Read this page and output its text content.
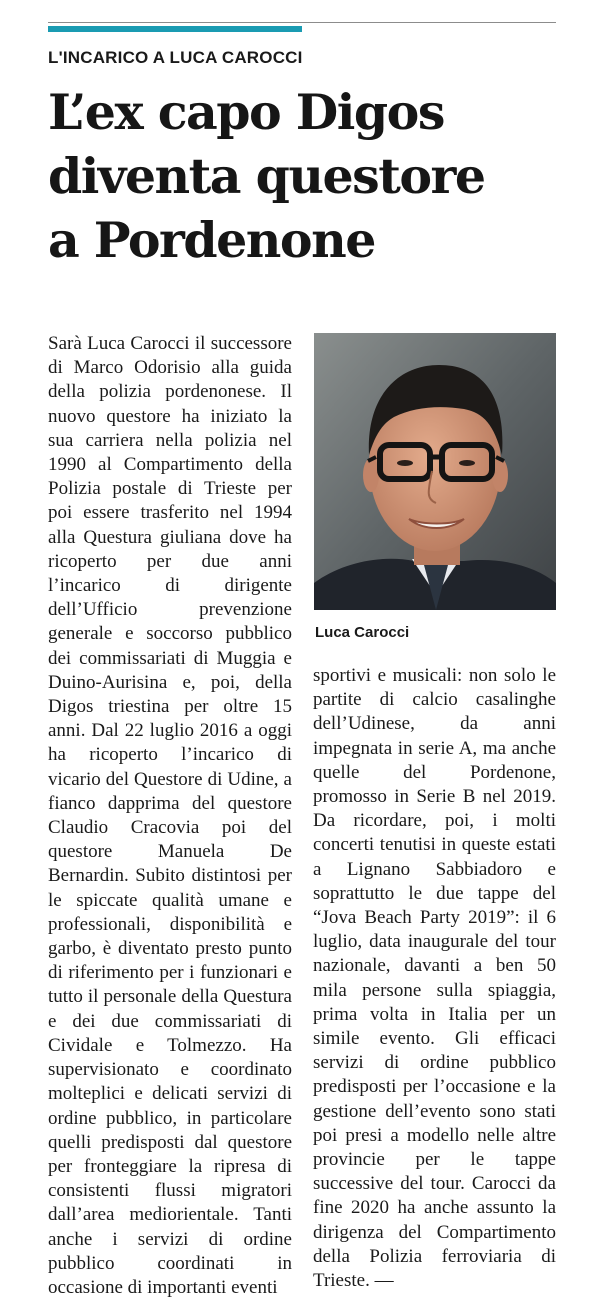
L'INCARICO A LUCA CAROCCI
L’ex capo Digos
diventa questore
a Pordenone
Sarà Luca Carocci il successore di Marco Odorisio alla guida della polizia pordenonese. Il nuovo questore ha iniziato la sua carriera nella polizia nel 1990 al Compartimento della Polizia postale di Trieste per poi essere trasferito nel 1994 alla Questura giuliana dove ha ricoperto per due anni l’incarico di dirigente dell’Ufficio prevenzione generale e soccorso pubblico dei commissariati di Muggia e Duino-Aurisina e, poi, della Digos triestina per oltre 15 anni. Dal 22 luglio 2016 a oggi ha ricoperto l’incarico di vicario del Questore di Udine, a fianco dapprima del questore Claudio Cracovia poi del questore Manuela De Bernardin. Subito distintosi per le spiccate qualità umane e professionali, disponibilità e garbo, è diventato presto punto di riferimento per i funzionari e tutto il personale della Questura e dei due commissariati di Cividale e Tolmezzo. Ha supervisionato e coordinato molteplici e delicati servizi di ordine pubblico, in particolare quelli predisposti dal questore per fronteggiare la ripresa di consistenti flussi migratori dall’area mediorientale. Tanti anche i servizi di ordine pubblico coordinati in occasione di importanti eventi
Luca Carocci
sportivi e musicali: non solo le partite di calcio casalinghe dell’Udinese, da anni impegnata in serie A, ma anche quelle del Pordenone, promosso in Serie B nel 2019. Da ricordare, poi, i molti concerti tenutisi in queste estati a Lignano Sabbiadoro e soprattutto le due tappe del “Jova Beach Party 2019”: il 6 luglio, data inaugurale del tour nazionale, davanti a ben 50 mila persone sulla spiaggia, prima volta in Italia per un simile evento. Gli efficaci servizi di ordine pubblico predisposti per l’occasione e la gestione dell’evento sono stati poi presi a modello nelle altre provincie per le tappe successive del tour. Carocci da fine 2020 ha anche assunto la dirigenza del Compartimento della Polizia ferroviaria di Trieste. —
